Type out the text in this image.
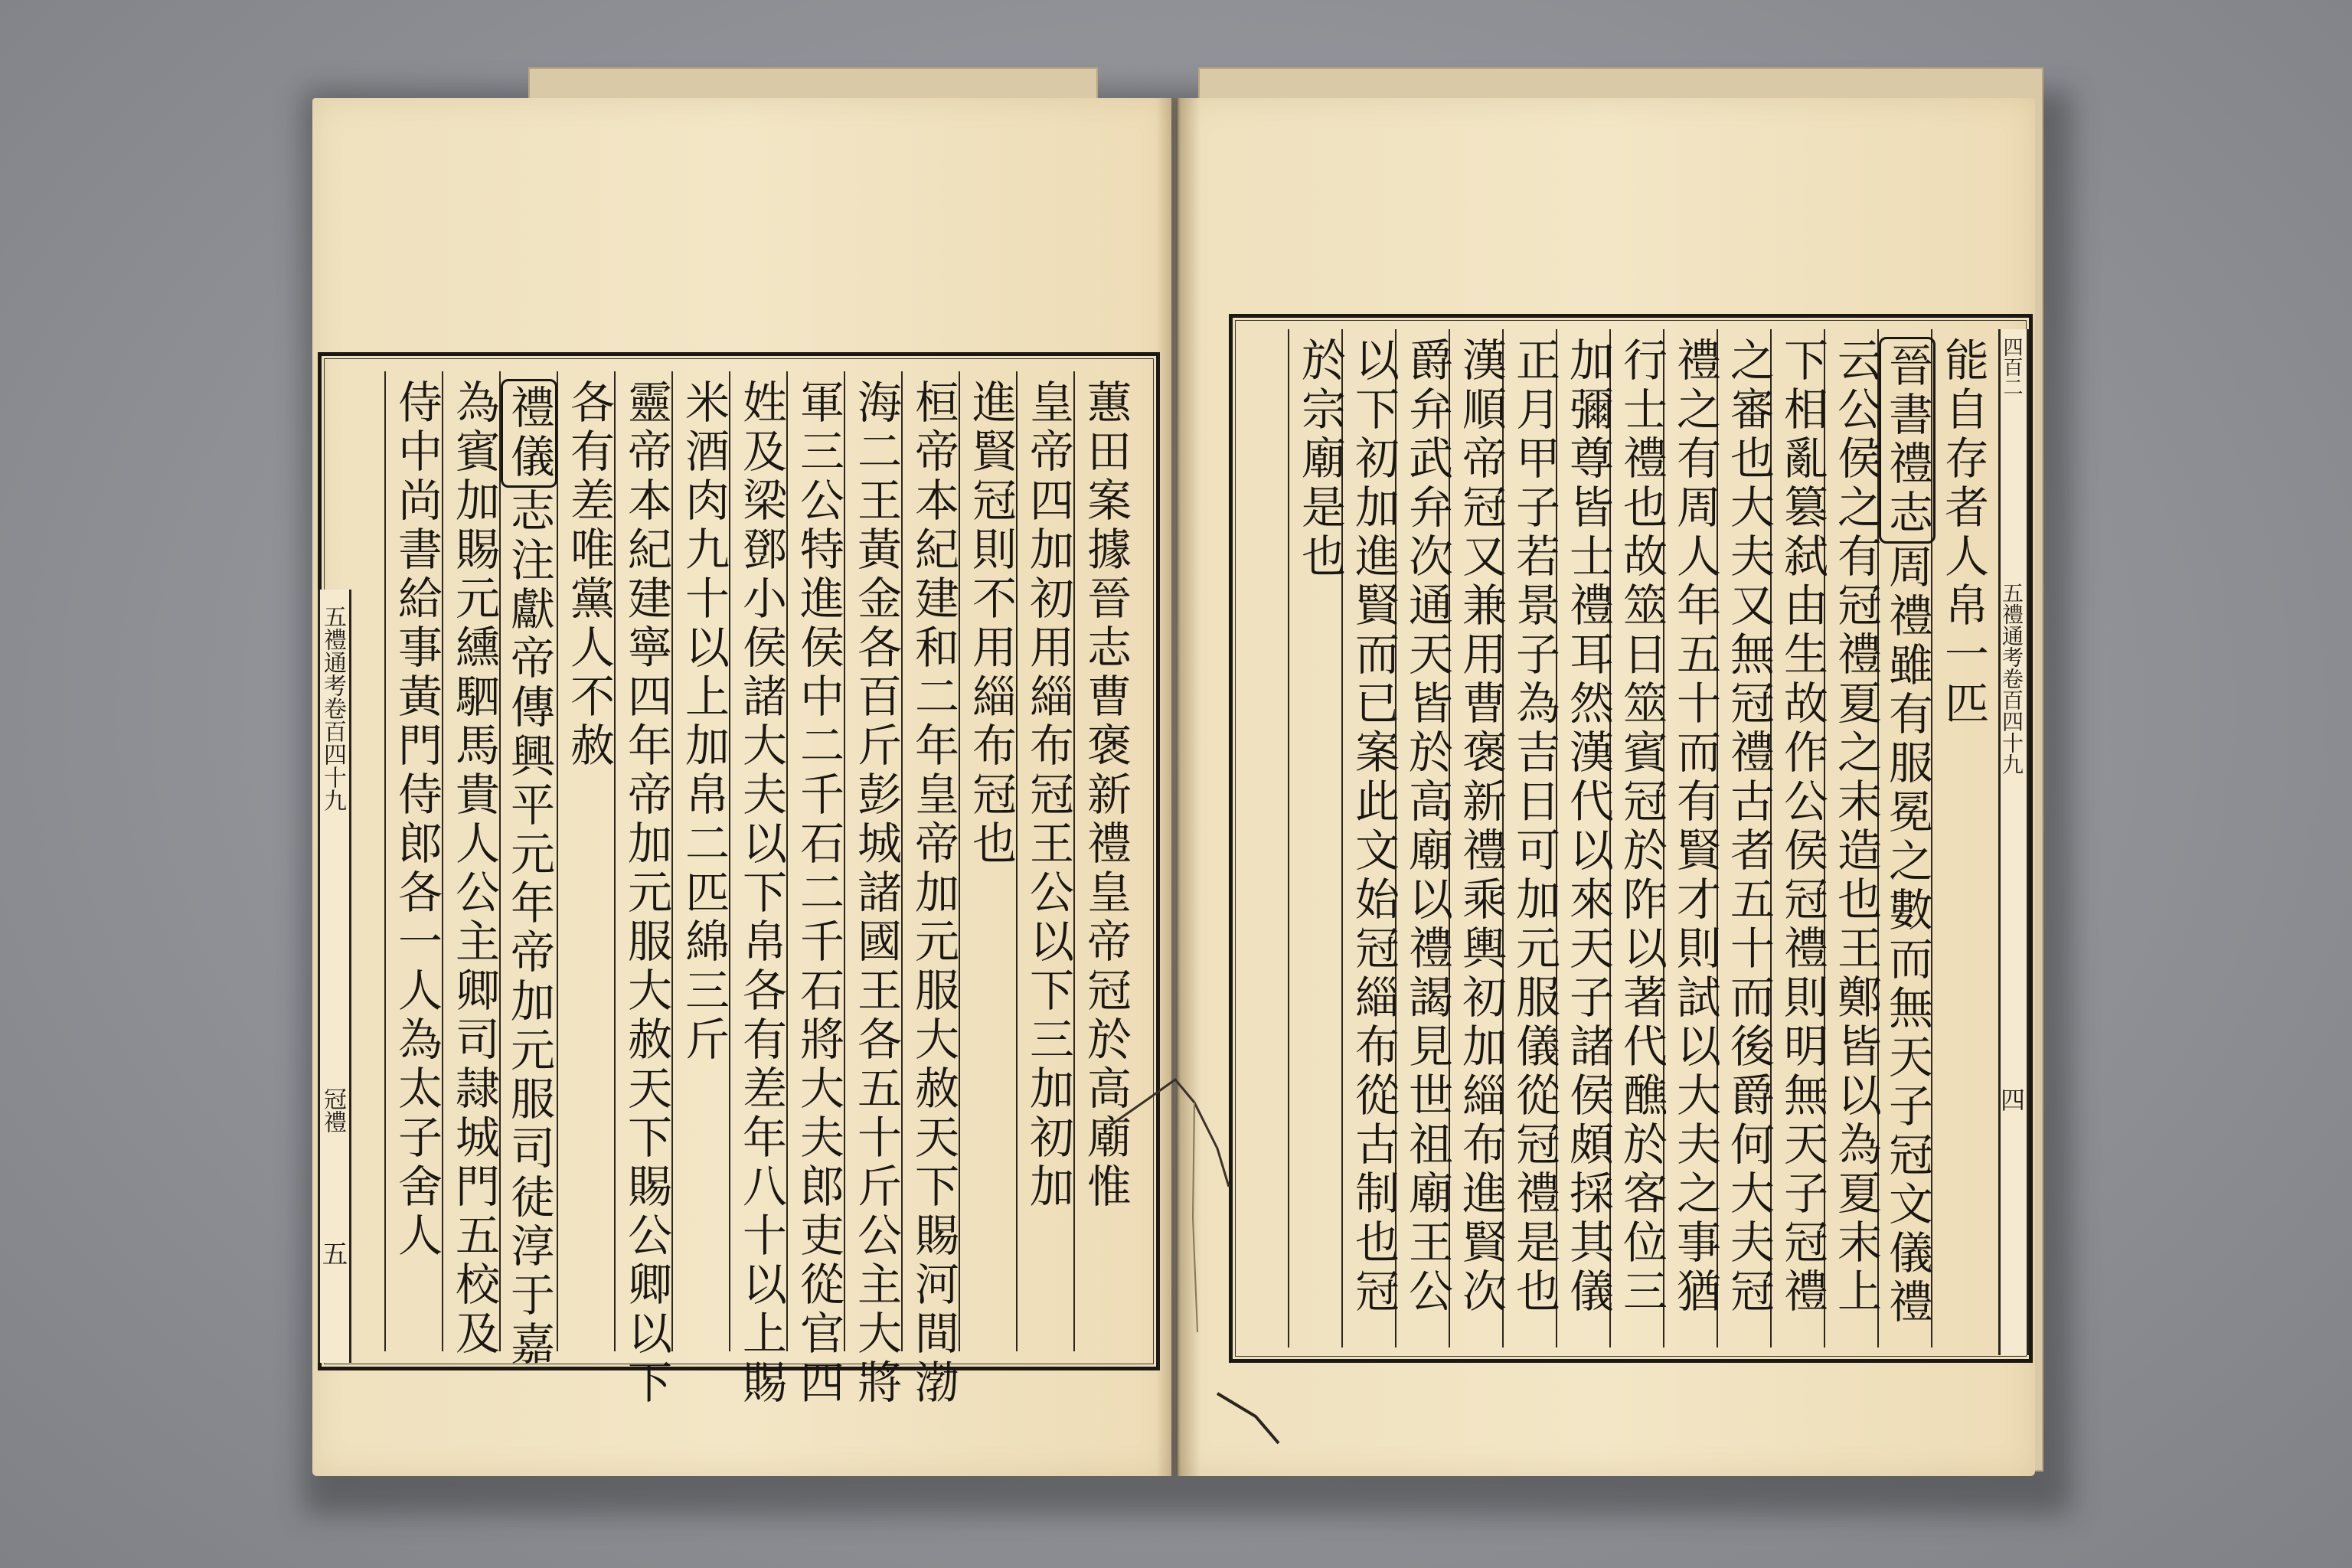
五禮通考卷百四十九
冠禮
五
蕙田案據晉志曹褒新禮皇帝冠於高廟惟
皇帝四加初用緇布冠王公以下三加初加
進賢冠則不用緇布冠也
桓帝本紀建和二年皇帝加元服大赦天下賜河間渤
海二王黃金各百斤彭城諸國王各五十斤公主大將
軍三公特進侯中二千石二千石將大夫郎吏從官四
姓及梁鄧小侯諸大夫以下帛各有差年八十以上賜
米酒肉九十以上加帛二匹綿三斤
靈帝本紀建寧四年帝加元服大赦天下賜公卿以下
各有差唯黨人不赦
禮儀志注獻帝傳興平元年帝加元服司徒淳于嘉
為賓加賜元纁駟馬貴人公主卿司隷城門五校及
侍中尚書給事黃門侍郎各一人為太子舍人
四百二
五禮通考卷百四十九
四
能自存者人帛一匹
晉書禮志周禮雖有服冕之數而無天子冠文儀禮
云公侯之有冠禮夏之末造也王鄭皆以為夏末上
下相亂篡弑由生故作公侯冠禮則明無天子冠禮
之審也大夫又無冠禮古者五十而後爵何大夫冠
禮之有周人年五十而有賢才則試以大夫之事猶
行士禮也故筮日筮賓冠於阼以著代醮於客位三
加彌尊皆士禮耳然漢代以來天子諸侯頗採其儀
正月甲子若景子為吉日可加元服儀從冠禮是也
漢順帝冠又兼用曹褒新禮乘輿初加緇布進賢次
爵弁武弁次通天皆於高廟以禮謁見世祖廟王公
以下初加進賢而已案此文始冠緇布從古制也冠
於宗廟是也
